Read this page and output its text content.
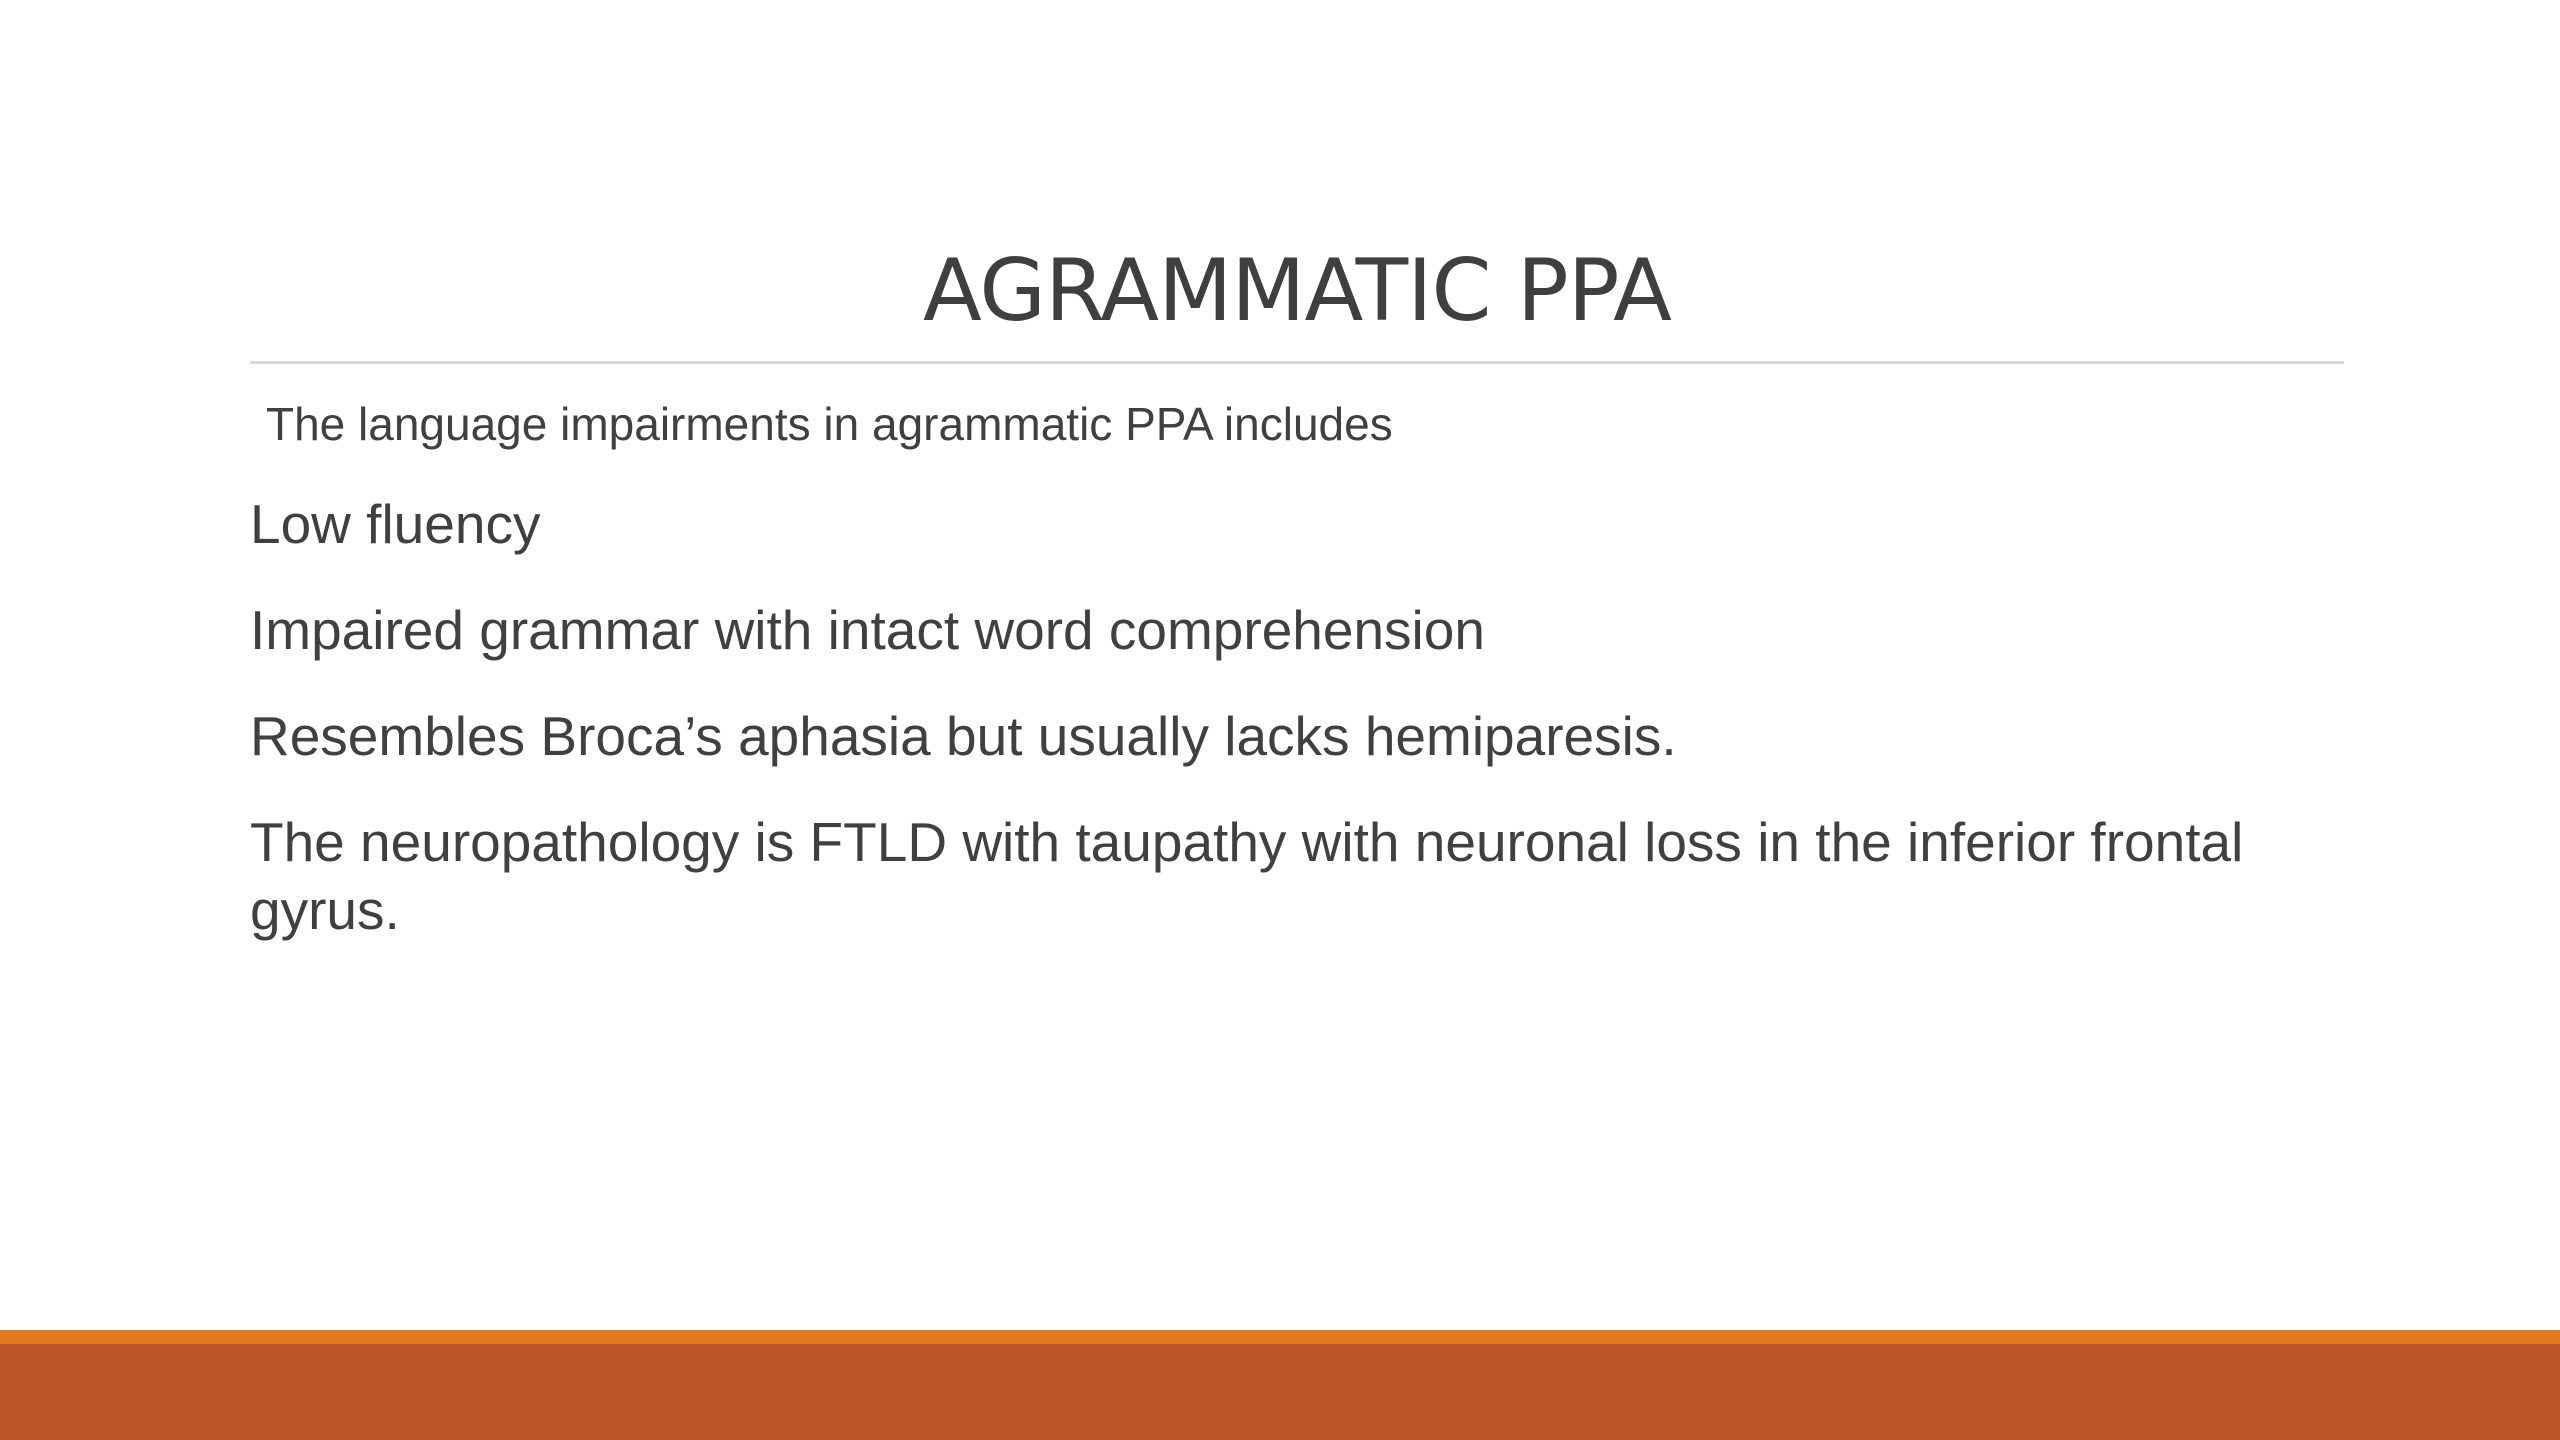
AGRAMMATIC PPA
The language impairments in agrammatic PPA includes
Low fluency
Impaired grammar with intact word comprehension
Resembles Broca’s aphasia but usually lacks hemiparesis.
The neuropathology is FTLD with taupathy with neuronal loss in the inferior frontal gyrus.
